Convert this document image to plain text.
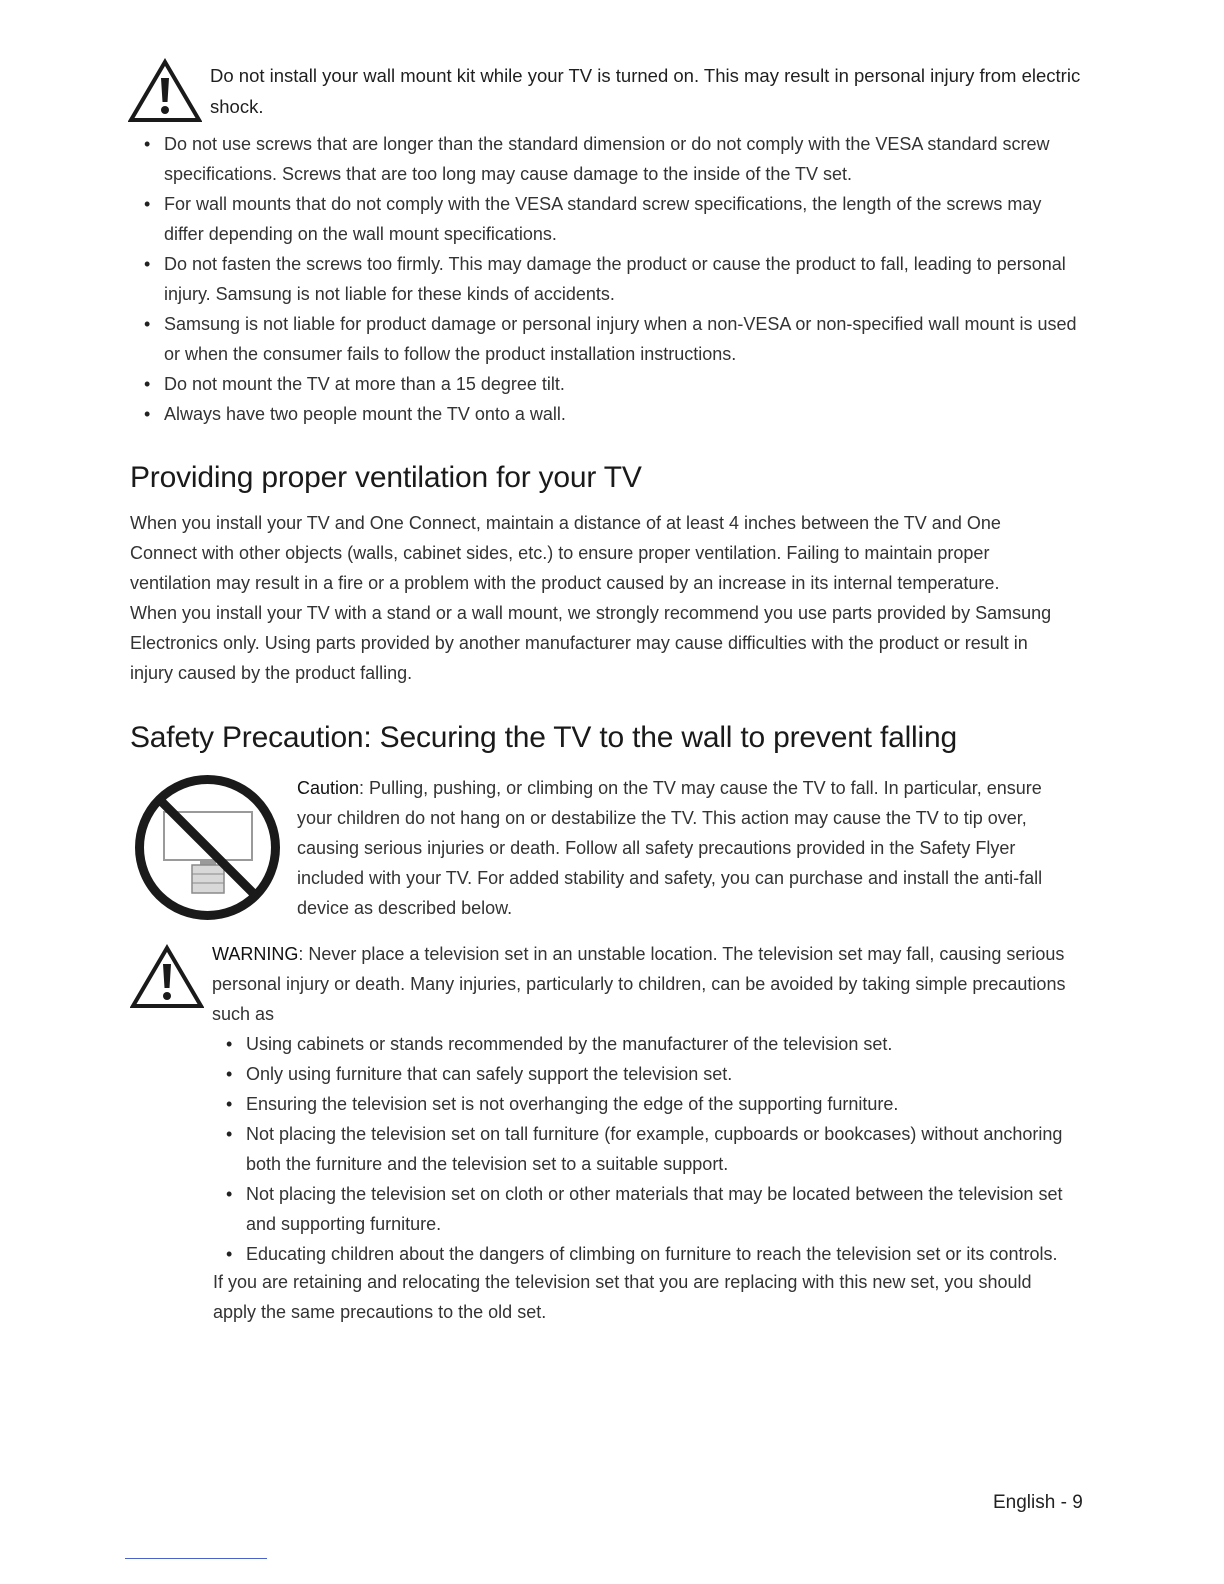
Do not install your wall mount kit while your TV is turned on. This may result in personal injury from electric shock.

• Do not use screws that are longer than the standard dimension or do not comply with the VESA standard screw specifications. Screws that are too long may cause damage to the inside of the TV set.
• For wall mounts that do not comply with the VESA standard screw specifications, the length of the screws may differ depending on the wall mount specifications.
• Do not fasten the screws too firmly. This may damage the product or cause the product to fall, leading to personal injury. Samsung is not liable for these kinds of accidents.
• Samsung is not liable for product damage or personal injury when a non-VESA or non-specified wall mount is used or when the consumer fails to follow the product installation instructions.
• Do not mount the TV at more than a 15 degree tilt.
• Always have two people mount the TV onto a wall.
Providing proper ventilation for your TV

When you install your TV and One Connect, maintain a distance of at least 4 inches between the TV and One Connect with other objects (walls, cabinet sides, etc.) to ensure proper ventilation. Failing to maintain proper ventilation may result in a fire or a problem with the product caused by an increase in its internal temperature.

When you install your TV with a stand or a wall mount, we strongly recommend you use parts provided by Samsung Electronics only. Using parts provided by another manufacturer may cause difficulties with the product or result in injury caused by the product falling.

Safety Precaution: Securing the TV to the wall to prevent falling

Caution: Pulling, pushing, or climbing on the TV may cause the TV to fall. In particular, ensure your children do not hang on or destabilize the TV. This action may cause the TV to tip over, causing serious injuries or death. Follow all safety precautions provided in the Safety Flyer included with your TV. For added stability and safety, you can purchase and install the anti-fall device as described below.

WARNING: Never place a television set in an unstable location. The television set may fall, causing serious personal injury or death. Many injuries, particularly to children, can be avoided by taking simple precautions such as

• Using cabinets or stands recommended by the manufacturer of the television set.
• Only using furniture that can safely support the television set.
• Ensuring the television set is not overhanging the edge of the supporting furniture.
• Not placing the television set on tall furniture (for example, cupboards or bookcases) without anchoring both the furniture and the television set to a suitable support.
• Not placing the television set on cloth or other materials that may be located between the television set and supporting furniture.
• Educating children about the dangers of climbing on furniture to reach the television set or its controls.

If you are retaining and relocating the television set that you are replacing with this new set, you should apply the same precautions to the old set.

English - 9
